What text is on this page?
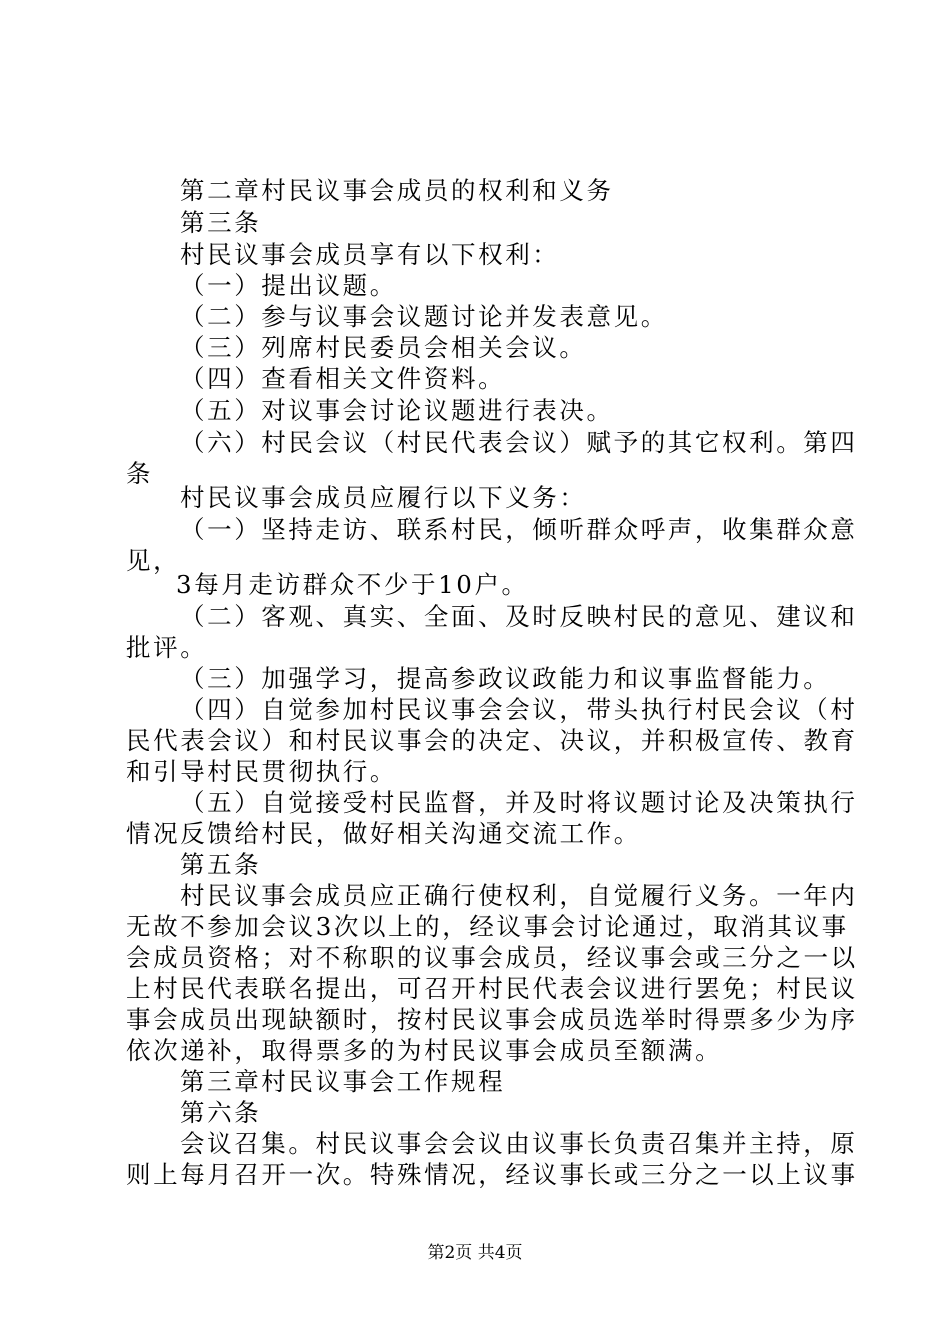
第二章村民议事会成员的权利和义务
第三条
村民议事会成员享有以下权利：
（一）提出议题。
（二）参与议事会议题讨论并发表意见。
（三）列席村民委员会相关会议。
（四）查看相关文件资料。
（五）对议事会讨论议题进行表决。
（六）村民会议（村民代表会议）赋予的其它权利。第四
条
村民议事会成员应履行以下义务：
（一）坚持走访、联系村民，倾听群众呼声，收集群众意
见，
3每月走访群众不少于10户。
（二）客观、真实、全面、及时反映村民的意见、建议和
批评。
（三）加强学习，提高参政议政能力和议事监督能力。
（四）自觉参加村民议事会会议，带头执行村民会议（村
民代表会议）和村民议事会的决定、决议，并积极宣传、教育
和引导村民贯彻执行。
（五）自觉接受村民监督，并及时将议题讨论及决策执行
情况反馈给村民，做好相关沟通交流工作。
第五条
村民议事会成员应正确行使权利，自觉履行义务。一年内
无故不参加会议3次以上的，经议事会讨论通过，取消其议事
会成员资格；对不称职的议事会成员，经议事会或三分之一以
上村民代表联名提出，可召开村民代表会议进行罢免；村民议
事会成员出现缺额时，按村民议事会成员选举时得票多少为序
依次递补，取得票多的为村民议事会成员至额满。
第三章村民议事会工作规程
第六条
会议召集。村民议事会会议由议事长负责召集并主持，原
则上每月召开一次。特殊情况，经议事长或三分之一以上议事
第2页 共4页
